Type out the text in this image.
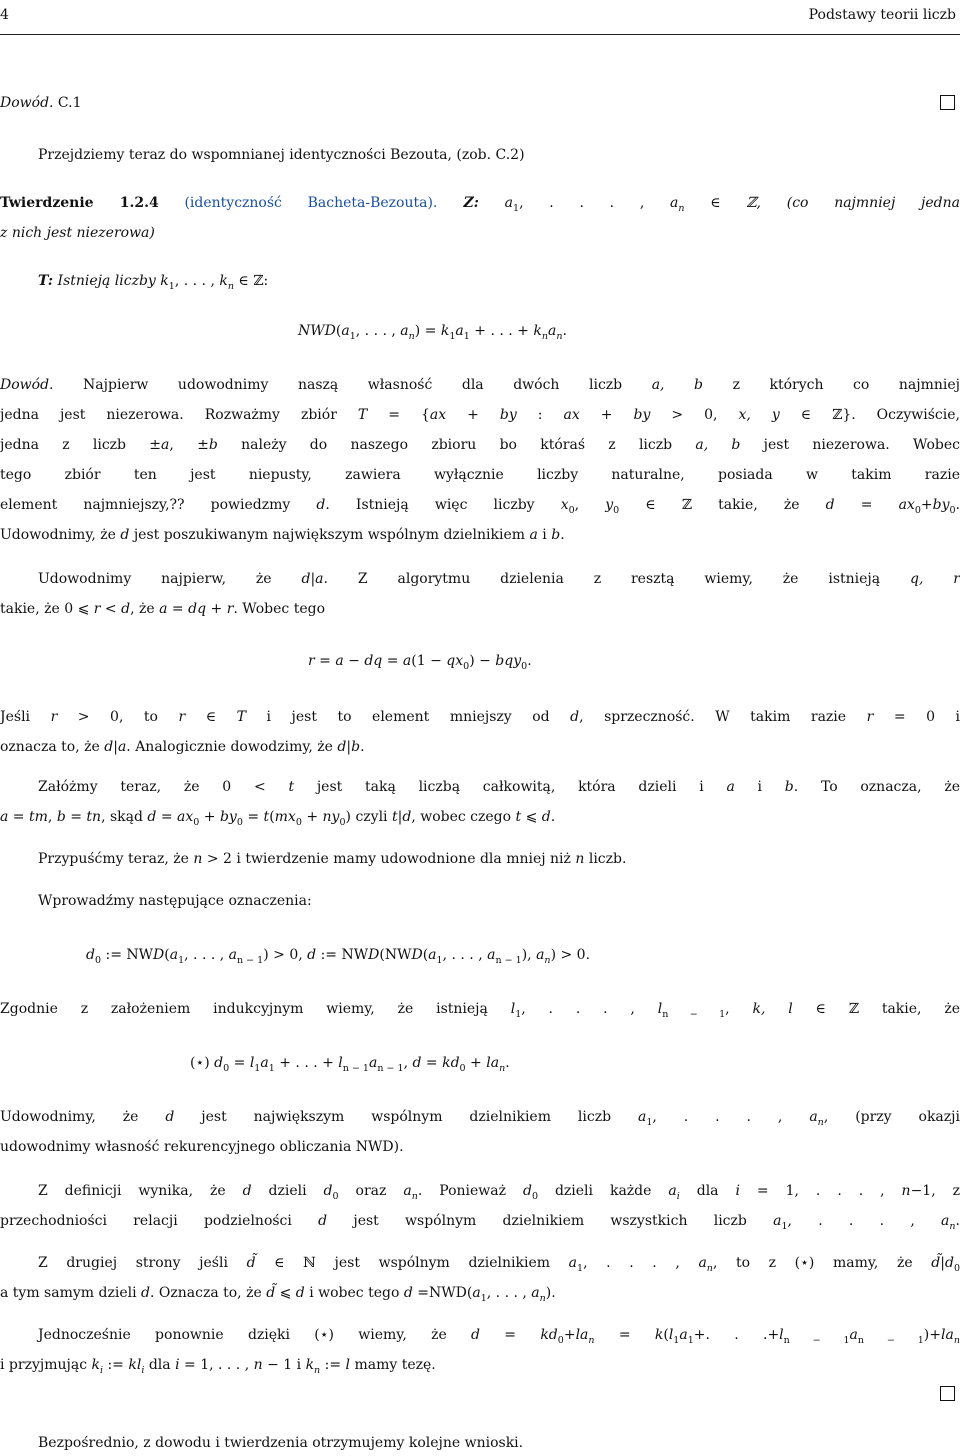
4	Podstawy teorii liczb
Dowód. C.1
Przejdziemy teraz do wspomnianej identyczności Bezouta, (zob. C.2)
Twierdzenie 1.2.4 (identyczność Bacheta-Bezouta). Z: $a_1$, . . . , $a_n$ ∈ ℤ, (co najmniej jedna
z nich jest niezerowa)
T: Istnieją liczby $k_1$, . . . , $k_n$ ∈ ℤ:
$NWD(a_1$, . . . , $a_n) = k_1a_1$ + . . . + $k_na_n$.
Dowód. Najpierw udowodnimy naszą własność dla dwóch liczb a, b z których co najmniej
jedna jest niezerowa. Rozważmy zbiór T = {ax + by : ax + by > 0, x, y ∈ ℤ}. Oczywiście,
jedna z liczb ±a, ±b należy do naszego zbioru bo któraś z liczb a, b jest niezerowa. Wobec
tego zbiór ten jest niepusty, zawiera wyłącznie liczby naturalne, posiada w takim razie
element najmniejszy,?? powiedzmy d. Istnieją więc liczby $x_0$, $y_0$ ∈ ℤ takie, że $d = ax_0+by_0$.
Udowodnimy, że d jest poszukiwanym największym wspólnym dzielnikiem a i b.
Udowodnimy najpierw, że d|a. Z algorytmu dzielenia z resztą wiemy, że istnieją q, r
takie, że 0 ⩽ r < d, że a = dq + r. Wobec tego
r = a − dq = $a(1 - qx_0) - bqy_0$.
Jeśli r > 0, to r ∈ T i jest to element mniejszy od d, sprzeczność. W takim razie r = 0 i
oznacza to, że d|a. Analogicznie dowodzimy, że d|b.
Załóżmy teraz, że 0 < t jest taką liczbą całkowitą, która dzieli i a i b. To oznacza, że
a = tm, b = tn, skąd $d = ax_0 + by_0 = t(mx_0 + ny_0)$ czyli t|d, wobec czego t ⩽ d.
Przypuśćmy teraz, że n > 2 i twierdzenie mamy udowodnione dla mniej niż n liczb.
Wprowadźmy następujące oznaczenia:
$d_0$ := $NWD(a_1$, . . . , $a_{n - 1}) > 0$, d := $NWD(NWD(a_1$, . . . , $a_{n - 1}$), $a_n) > 0$.
Zgodnie z założeniem indukcyjnym wiemy, że istnieją $l_1$, . . . , $l_{n - 1}$, k, l ∈ ℤ takie, że
(⋆) $d_0 = l_1a_1$ + . . . + $l_{n - 1}a_{n - 1}$, $d = kd_0 + la_n$.
Udowodnimy, że d jest największym wspólnym dzielnikiem liczb $a_1$, . . . , $a_n$, (przy okazji
udowodnimy własność rekurencyjnego obliczania NWD).
Z definicji wynika, że d dzieli $d_0$ oraz $a_n$. Ponieważ $d_0$ dzieli każde $a_i$ dla i = 1, . . . , n−1, z
przechodniości relacji podzielności d jest wspólnym dzielnikiem wszystkich liczb $a_1$, . . . , $a_n$.
Z drugiej strony jeśli d̃ ∈ ℕ jest wspólnym dzielnikiem $a_1$, . . . , $a_n$, to z (⋆) mamy, że $d̃|d_0$
a tym samym dzieli d. Oznacza to, że d̃ ⩽ d i wobec tego $d =NWD(a_1$, . . . , $a_n$).
Jednocześnie ponownie dzięki (⋆) wiemy, że $d = kd_0+la_n = k(l_1a_1+$. . $.+l_{n - 1}a_{n - 1})+la_n$
i przyjmując $k_i$ := $kl_i$ dla i = 1, . . . , n − 1 i $k_n$ := l mamy tezę.
Bezpośrednio, z dowodu i twierdzenia otrzymujemy kolejne wnioski.
